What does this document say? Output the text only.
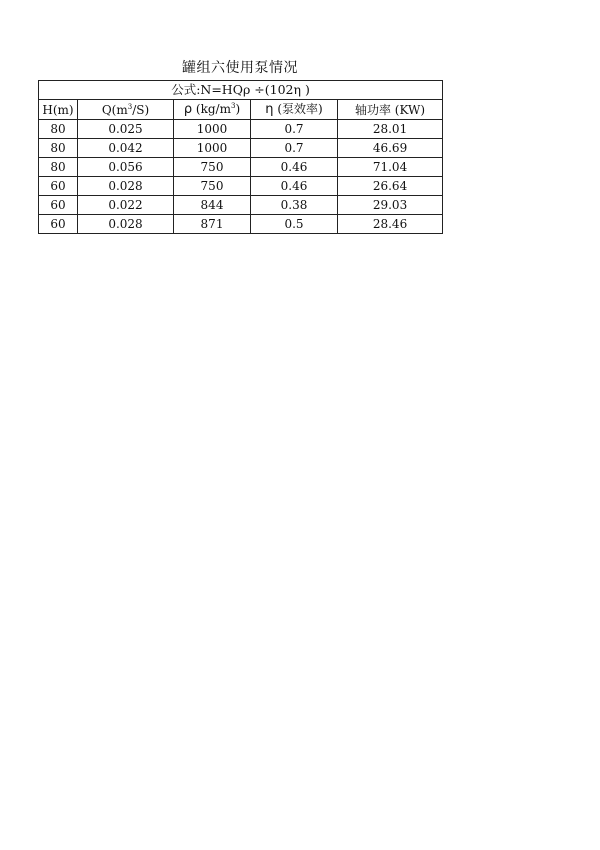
罐组六使用泵情况
公式:N=HQρ ÷(102η )				
H(m)	$Q(m^3/S)$	ρ $(kg/m^3)$	η (泵效率)	轴功率 (KW)
80	0.025	1000	0.7	28.01
80	0.042	1000	0.7	46.69
80	0.056	750	0.46	71.04
60	0.028	750	0.46	26.64
60	0.022	844	0.38	29.03
60	0.028	871	0.5	28.46
